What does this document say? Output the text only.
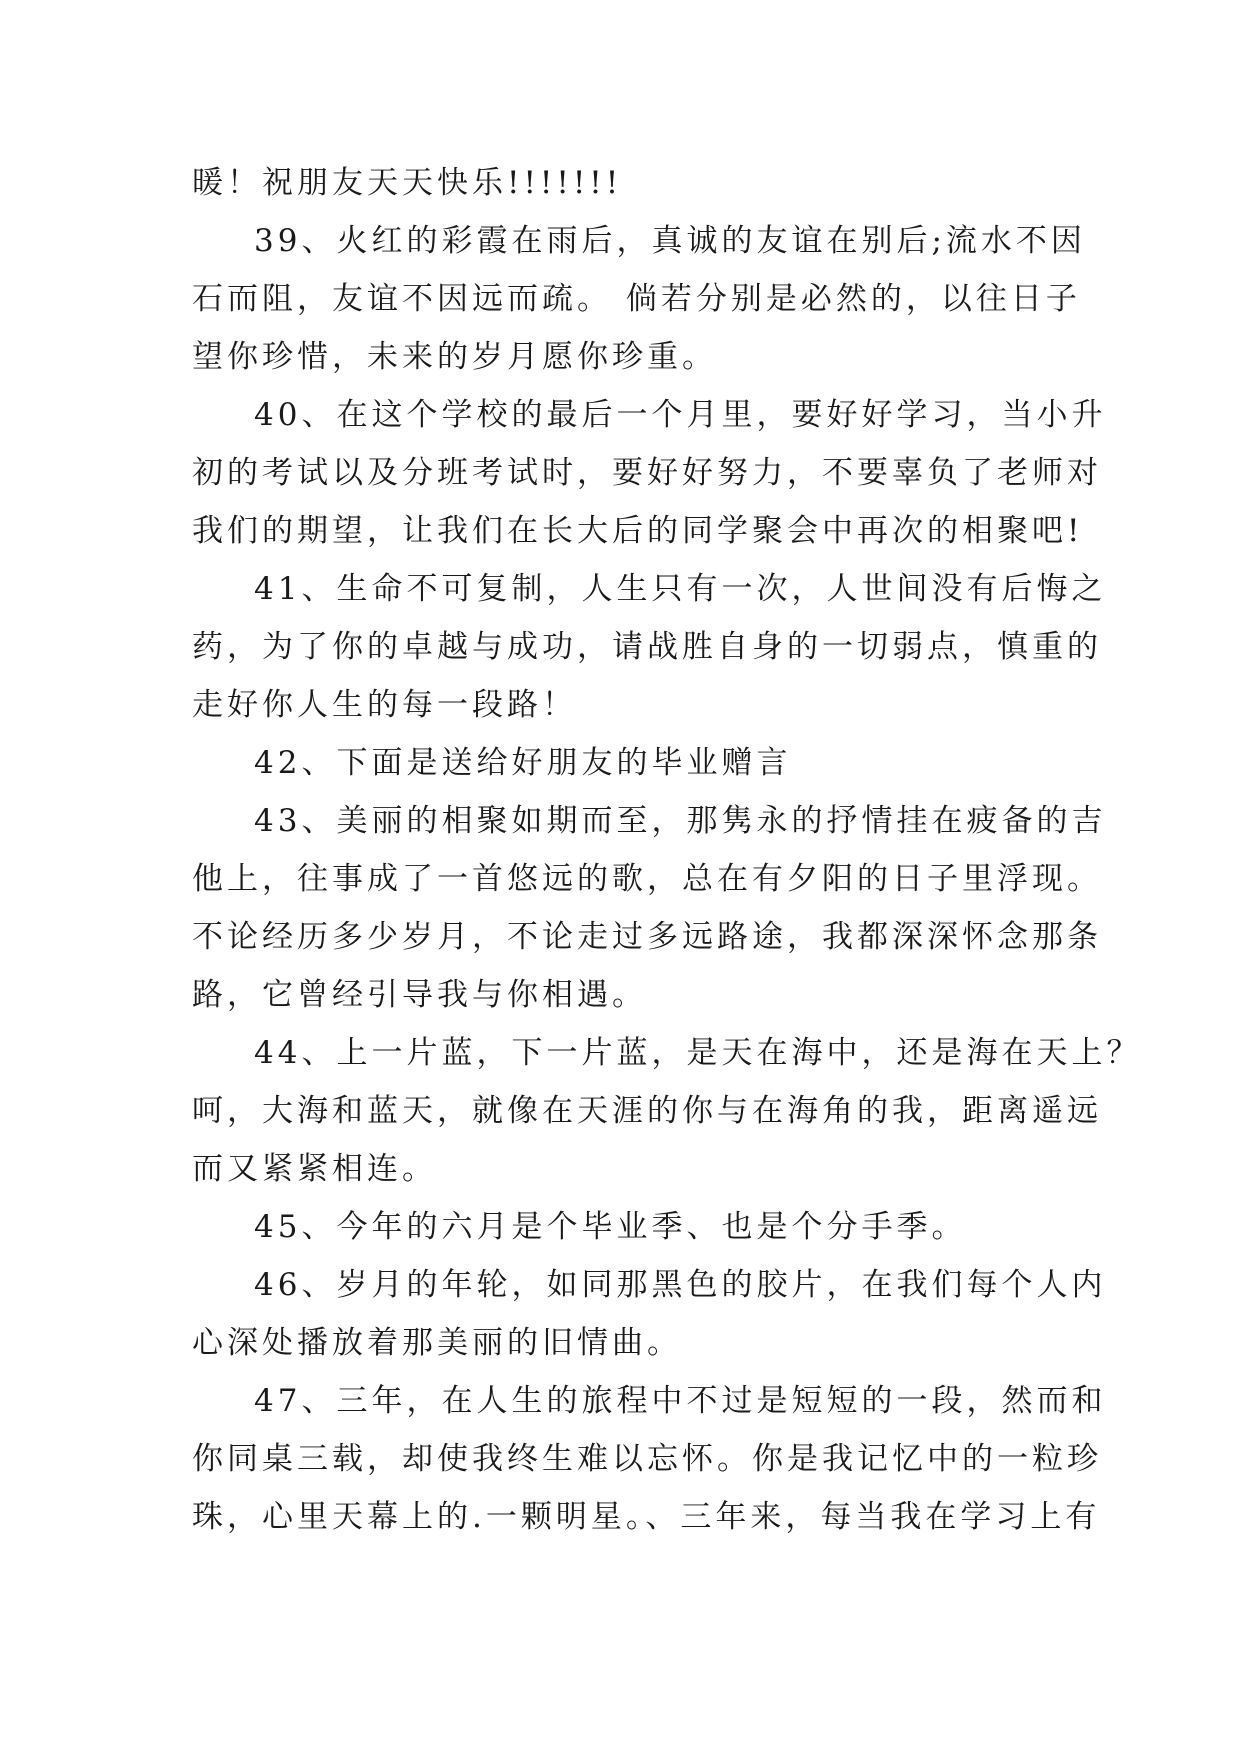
暖！祝朋友天天快乐!!!!!!!
39、火红的彩霞在雨后，真诚的友谊在别后;流水不因
石而阻，友谊不因远而疏。 倘若分别是必然的，以往日子
望你珍惜，未来的岁月愿你珍重。
40、在这个学校的最后一个月里，要好好学习，当小升
初的考试以及分班考试时，要好好努力，不要辜负了老师对
我们的期望，让我们在长大后的同学聚会中再次的相聚吧!
41、生命不可复制，人生只有一次，人世间没有后悔之
药，为了你的卓越与成功，请战胜自身的一切弱点，慎重的
走好你人生的每一段路！
42、下面是送给好朋友的毕业赠言
43、美丽的相聚如期而至，那隽永的抒情挂在疲备的吉
他上，往事成了一首悠远的歌，总在有夕阳的日子里浮现。
不论经历多少岁月，不论走过多远路途，我都深深怀念那条
路，它曾经引导我与你相遇。
44、上一片蓝，下一片蓝，是天在海中，还是海在天上？
呵，大海和蓝天，就像在天涯的你与在海角的我，距离遥远
而又紧紧相连。
45、今年的六月是个毕业季、也是个分手季。
46、岁月的年轮，如同那黑色的胶片，在我们每个人内
心深处播放着那美丽的旧情曲。
47、三年，在人生的旅程中不过是短短的一段，然而和
你同桌三载，却使我终生难以忘怀。你是我记忆中的一粒珍
珠，心里天幕上的.一颗明星。、三年来，每当我在学习上有
